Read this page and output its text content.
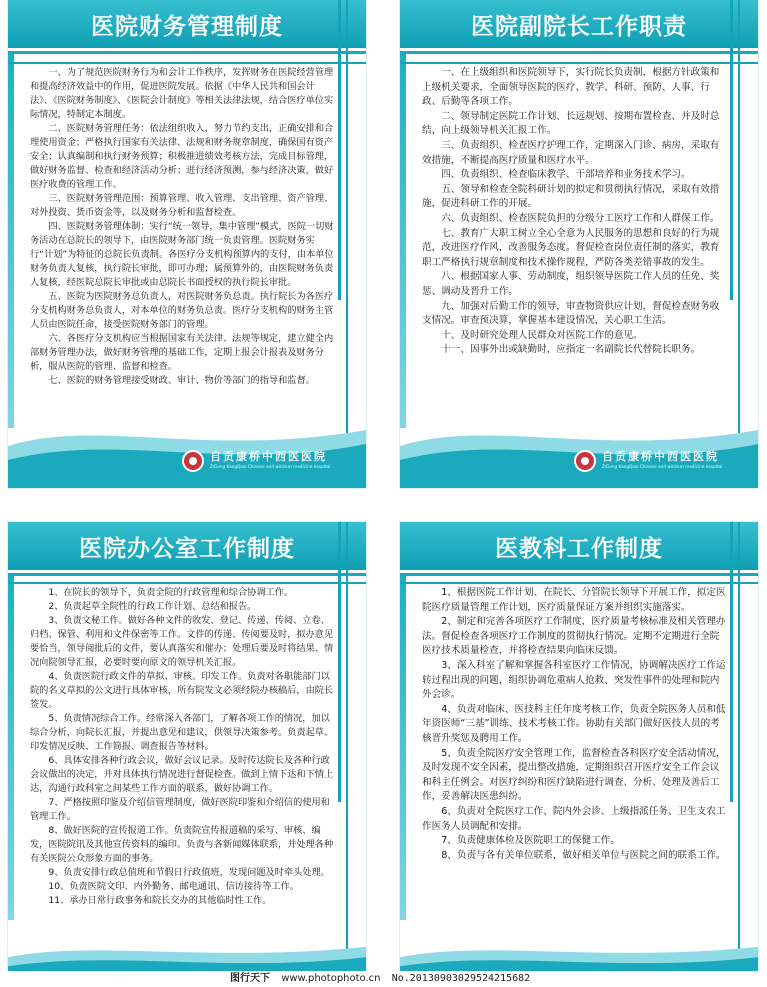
医院财务管理制度

一、为了规范医院财务行为和会计工作秩序，发挥财务在医院经营管理和提高经济效益中的作用，促进医院发展。依据《中华人民共和国会计法》、《医院财务制度》、《医院会计制度》等相关法律法规，结合医疗单位实际情况，特制定本制度。

二、医院财务管理任务：依法组织收入，努力节约支出，正确安排和合理使用资金；严格执行国家有关法律、法规和财务规章制度，确保国有资产安全；认真编制和执行财务预算；积极推进绩效考核方法，完成目标管理，做好财务监督、检查和经济活动分析；进行经济预测，参与经济决策，做好医疗收费的管理工作。

三、医院财务管理范围：预算管理、收入管理、支出管理、资产管理、对外投资、货币资金等，以及财务分析和监督检查。

四、医院财务管理体制：实行“统一领导，集中管理”模式，医院一切财务活动在总院长的领导下，由医院财务部门统一负责管理。医院财务实行“计划”为特征的总院长负责制。各医疗分支机构预算内的支付，由本单位财务负责人复核，执行院长审批，即可办理；属预算外的，由医院财务负责人复核，经医院总院长审批或由总院长书面授权的执行院长审批。

五、医院为医院财务总负责人，对医院财务负总责。执行院长为各医疗分支机构财务总负责人，对本单位的财务负总责。医疗分支机构的财务主管人员由医院任命，接受医院财务部门的管理。

六、各医疗分支机构应当根据国家有关法律、法规等规定，建立健全内部财务管理办法，做好财务管理的基础工作，定期上报会计报表及财务分析，服从医院的管理、监督和检查。

七、医院的财务管理接受财政、审计、物价等部门的指导和监督。

自贡康桥中西医医院
ZiGong KangQiao Chinese and western medicine hospital
医院副院长工作职责

一、在上级组织和医院领导下，实行院长负责制，根据方针政策和上级机关要求，全面领导医院的医疗、教学、科研、预防、人事、行政、后勤等各项工作。

二、领导制定医院工作计划、长远规划、按期布置检查、并及时总结，向上级领导机关汇报工作。

三、负责组织、检查医疗护理工作，定期深入门诊、病房，采取有效措施，不断提高医疗质量和医疗水平。

四、负责组织、检查临床教学、干部培养和业务技术学习。

五、领导和检查全院科研计划的拟定和贯彻执行情况，采取有效措施，促进科研工作的开展。

六、负责组织、检查医院负担的分级分工医疗工作和人群保工作。

七、教育广大职工树立全心全意为人民服务的思想和良好的行为规范，改进医疗作风，改善服务态度。督促检查岗位责任制的落实，教育职工严格执行规章制度和技术操作规程，严防各类差错事故的发生。

八、根据国家人事、劳动制度，组织领导医院工作人员的任免、奖惩、调动及晋升工作。

九、加强对后勤工作的领导，审查物资供应计划，督促检查财务收支情况。审查预决算，掌握基本建设情况，关心职工生活。

十、及时研究处理人民群众对医院工作的意见。

十一、因事外出或缺勤时，应指定一名副院长代替院长职务。

自贡康桥中西医医院
ZiGong KangQiao Chinese and western medicine hospital
医院办公室工作制度

1、在院长的领导下，负责全院的行政管理和综合协调工作。

2、负责起草全院性的行政工作计划、总结和报告。

3、负责文秘工作。做好各种文件的收发、登记、传递、传阅、立卷、归档、保管、利用和文件保密等工作。文件的传递、传阅要及时，拟办意见要恰当，领导阅批后的文件，要认真落实和催办；处理后要及时将结果、情况向院领导汇报，必要时要向原文的领导机关汇报。

4、负责医院行政文件的草拟、审核、印发工作。负责对各职能部门以院的名义草拟的公文进行具体审核，所有院发文必须经院办核稿后，由院长签发。

5、负责情况综合工作。经常深入各部门，了解各项工作的情况，加以综合分析，向院长汇报，并提出意见和建议，供领导决策参考。负责起草、印发情况反映、工作简报、调查报告等材料。

6、具体安排各种行政会议，做好会议记录。及时传达院长及各种行政会议做出的决定，并对具体执行情况进行督促检查。做到上情下达和下情上达，沟通行政科室之间某些工作方面的联系，做好协调工作。

7、严格按照印鉴及介绍信管理制度，做好医院印鉴和介绍信的使用和管理工作。

8、做好医院的宣传报道工作。负责院宣传报道稿的采写、审核、编发，医院院讯及其他宣传资料的编印。负责与各新闻媒体联系，并处理各种有关医院公众形象方面的事务。

9、负责安排行政总值班和节假日行政值班，发现问题及时牵头处理。

10、负责医院文印、内外勤务、邮电通讯、信访接待等工作。

11、承办日常行政事务和院长交办的其他临时性工作。

医教科工作制度

1、根据医院工作计划、在院长、分管院长领导下开展工作，拟定医院医疗质量管理工作计划，医疗质量保证方案并组织实施落实。

2、制定和完善各项医疗工作制度，医疗质量考核标准及相关管理办法。督促检查各项医疗工作制度的贯彻执行情况。定期不定期进行全院医疗技术质量检查，并将检查结果向临床反馈。

3、深入科室了解和掌握各科室医疗工作情况，协调解决医疗工作运转过程出现的问题，组织协调危重病人抢救、突发性事件的处理和院内外会诊。

4、负责对临床、医技科主任年度考核工作，负责全院医务人员和低年资医师“三基”训练、技术考核工作。协助有关部门做好医技人员的考核晋升奖惩及聘用工作。

5、负责全院医疗安全管理工作，监督检查各科医疗安全活动情况，及时发现不安全因素，提出整改措施，定期组织召开医疗安全工作会议和科主任例会。对医疗纠纷和医疗缺陷进行调查、分析、处理及善后工作，妥善解决医患纠纷。

6、负责对全院医疗工作、院内外会诊、上级指派任务、卫生支农工作医务人员调配和安排。

7、负责健康体检及医院职工的保健工作。

8、负责与各有关单位联系，做好相关单位与医院之间的联系工作。

图行天下 www.photophoto.cn No.20130903029524215682
